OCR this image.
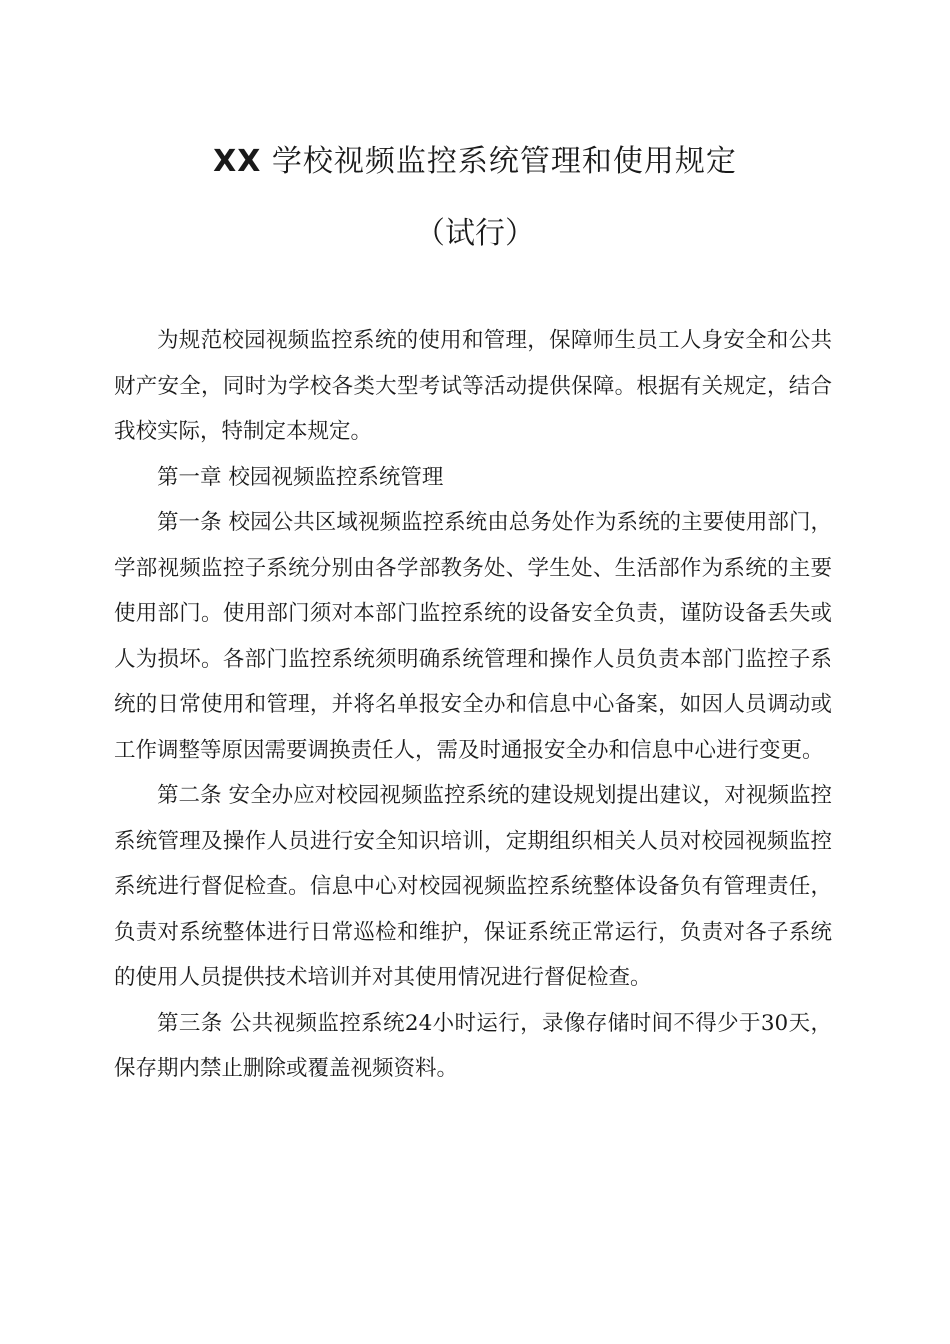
XX 学校视频监控系统管理和使用规定
（试行）

为规范校园视频监控系统的使用和管理，保障师生员工人身安全和公共财产安全，同时为学校各类大型考试等活动提供保障。根据有关规定，结合我校实际，特制定本规定。

第一章 校园视频监控系统管理

第一条 校园公共区域视频监控系统由总务处作为系统的主要使用部门，学部视频监控子系统分别由各学部教务处、学生处、生活部作为系统的主要使用部门。使用部门须对本部门监控系统的设备安全负责，谨防设备丢失或人为损坏。各部门监控系统须明确系统管理和操作人员负责本部门监控子系统的日常使用和管理，并将名单报安全办和信息中心备案，如因人员调动或工作调整等原因需要调换责任人，需及时通报安全办和信息中心进行变更。

第二条 安全办应对校园视频监控系统的建设规划提出建议，对视频监控系统管理及操作人员进行安全知识培训，定期组织相关人员对校园视频监控系统进行督促检查。信息中心对校园视频监控系统整体设备负有管理责任，负责对系统整体进行日常巡检和维护，保证系统正常运行，负责对各子系统的使用人员提供技术培训并对其使用情况进行督促检查。

第三条 公共视频监控系统24小时运行，录像存储时间不得少于30天，保存期内禁止删除或覆盖视频资料。
